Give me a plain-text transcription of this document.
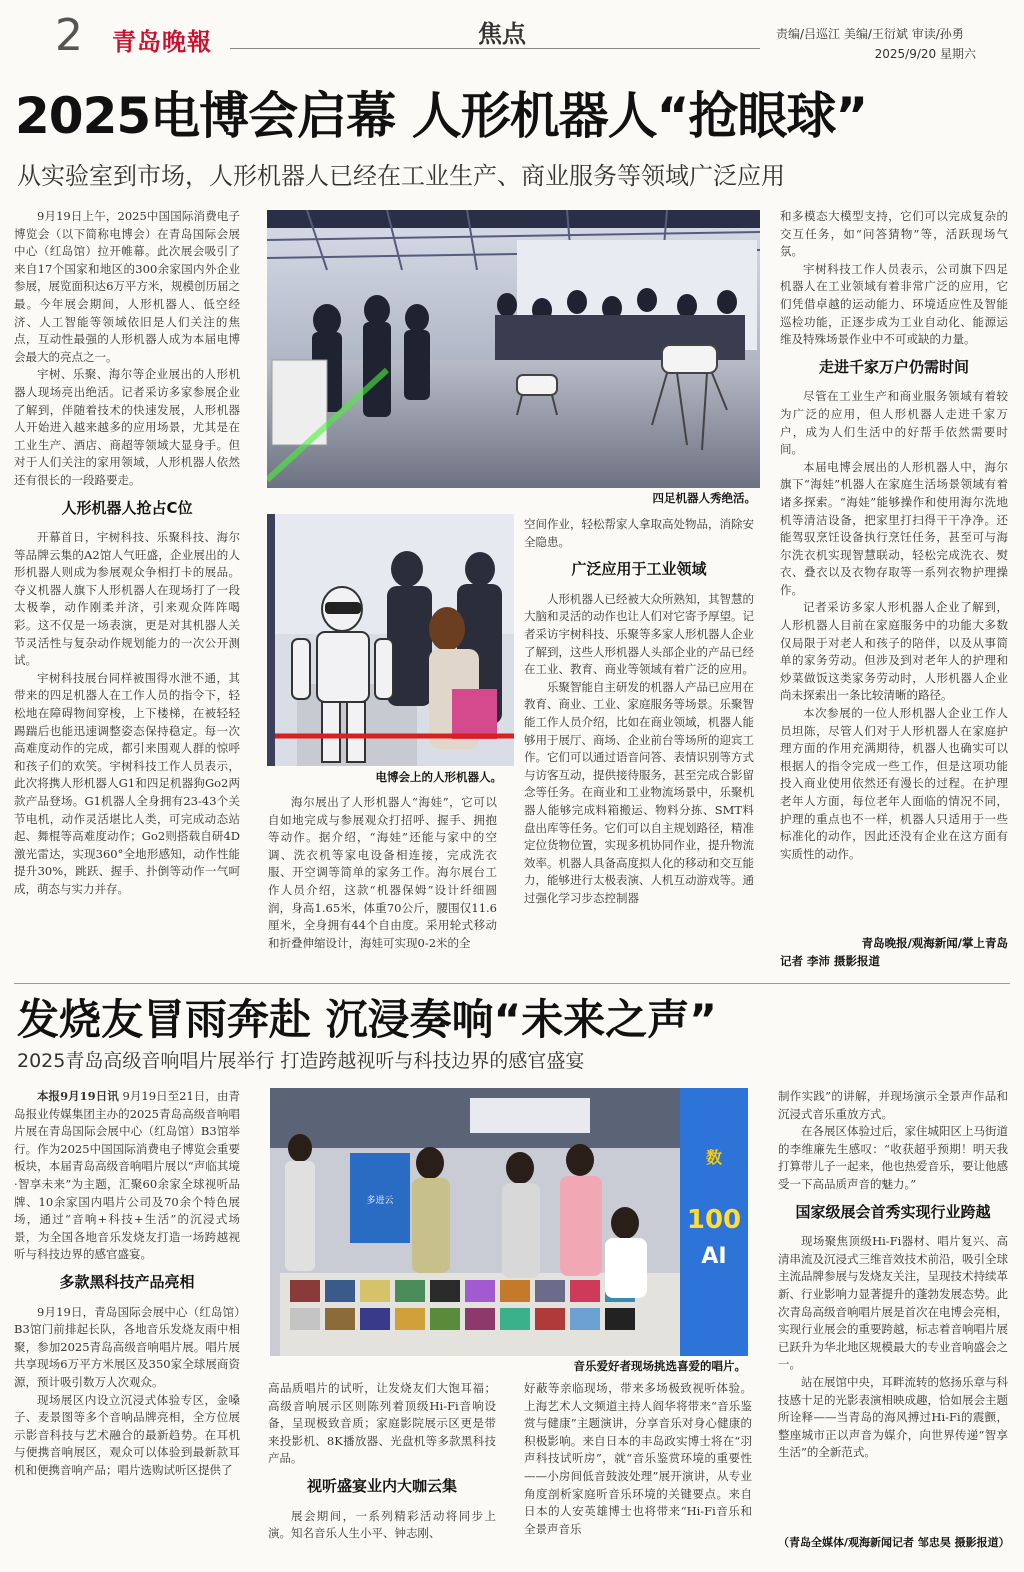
2 青岛晚報	焦点	责编/吕巡江 美编/王衍斌 审读/孙勇
2025/9/20 星期六
2025电博会启幕 人形机器人“抢眼球”
从实验室到市场，人形机器人已经在工业生产、商业服务等领域广泛应用

9月19日上午，2025中国国际消费电子博览会（以下简称电博会）在青岛国际会展中心（红岛馆）拉开帷幕。此次展会吸引了来自17个国家和地区的300余家国内外企业参展，展览面积达6万平方米，规模创历届之最。今年展会期间，人形机器人、低空经济、人工智能等领域依旧是人们关注的焦点，互动性最强的人形机器人成为本届电博会最大的亮点之一。

宇树、乐聚、海尔等企业展出的人形机器人现场亮出绝活。记者采访多家参展企业了解到，伴随着技术的快速发展，人形机器人开始进入越来越多的应用场景，尤其是在工业生产、酒店、商超等领域大显身手。但对于人们关注的家用领域，人形机器人依然还有很长的一段路要走。

人形机器人抢占C位

开幕首日，宇树科技、乐聚科技、海尔等品牌云集的A2馆人气旺盛，企业展出的人形机器人则成为参展观众争相打卡的展品。夺义机器人旗下人形机器人在现场打了一段太极拳，动作刚柔并济，引来观众阵阵喝彩。这不仅是一场表演，更是对其机器人关节灵活性与复杂动作规划能力的一次公开测试。

宇树科技展台同样被围得水泄不通，其带来的四足机器人在工作人员的指令下，轻松地在障碍物间穿梭，上下楼梯，在被轻轻踢踹后也能迅速调整姿态保持稳定。每一次高难度动作的完成，都引来围观人群的惊呼和孩子们的欢笑。宇树科技工作人员表示，此次将携人形机器人G1和四足机器狗Go2两款产品登场。G1机器人全身拥有23-43个关节电机，动作灵活堪比人类，可完成动态站起、舞棍等高难度动作；Go2则搭载自研4D激光雷达，实现360°全地形感知，动作性能提升30%，跳跃、握手、扑倒等动作一气呵成，萌态与实力并存。

四足机器人秀绝活。
电博会上的人形机器人。

海尔展出了人形机器人“海娃”，它可以自如地完成与参展观众打招呼、握手、拥抱等动作。据介绍，“海娃”还能与家中的空调、洗衣机等家电设备相连接，完成洗衣服、开空调等简单的家务工作。海尔展台工作人员介绍，这款“机器保姆”设计纤细圆润，身高1.65米，体重70公斤，腰围仅11.6厘米，全身拥有44个自由度。采用轮式移动和折叠伸缩设计，海娃可实现0-2米的全

空间作业，轻松帮家人拿取高处物品，消除安全隐患。

广泛应用于工业领域

人形机器人已经被大众所熟知，其智慧的大脑和灵活的动作也让人们对它寄予厚望。记者采访宇树科技、乐聚等多家人形机器人企业了解到，这些人形机器人头部企业的产品已经在工业、教育、商业等领域有着广泛的应用。

乐聚智能自主研发的机器人产品已应用在教育、商业、工业、家庭服务等场景。乐聚智能工作人员介绍，比如在商业领域，机器人能够用于展厅、商场、企业前台等场所的迎宾工作。它们可以通过语音问答、表情识别等方式与访客互动，提供接待服务，甚至完成合影留念等任务。在商业和工业物流场景中，乐聚机器人能够完成料箱搬运、物料分拣、SMT料盘出库等任务。它们可以自主规划路径，精准定位货物位置，实现多机协同作业，提升物流效率。机器人具备高度拟人化的移动和交互能力，能够进行太极表演、人机互动游戏等。通过强化学习步态控制器

和多模态大模型支持，它们可以完成复杂的交互任务，如“问答猜物”等，活跃现场气氛。

宇树科技工作人员表示，公司旗下四足机器人在工业领域有着非常广泛的应用，它们凭借卓越的运动能力、环境适应性及智能巡检功能，正逐步成为工业自动化、能源运维及特殊场景作业中不可或缺的力量。

走进千家万户仍需时间

尽管在工业生产和商业服务领域有着较为广泛的应用，但人形机器人走进千家万户，成为人们生活中的好帮手依然需要时间。

本届电博会展出的人形机器人中，海尔旗下“海娃”机器人在家庭生活场景领域有着诸多探索。“海娃”能够操作和使用海尔洗地机等清洁设备，把家里打扫得干干净净。还能驾驭烹饪设备执行烹饪任务，甚至可与海尔洗衣机实现智慧联动，轻松完成洗衣、熨衣、叠衣以及衣物存取等一系列衣物护理操作。

记者采访多家人形机器人企业了解到，人形机器人目前在家庭服务中的功能大多数仅局限于对老人和孩子的陪伴，以及从事简单的家务劳动。但涉及到对老年人的护理和炒菜做饭这类家务劳动时，人形机器人企业尚未探索出一条比较清晰的路径。

本次参展的一位人形机器人企业工作人员坦陈，尽管人们对于人形机器人在家庭护理方面的作用充满期待，机器人也确实可以根据人的指令完成一些工作，但是这项功能投入商业使用依然还有漫长的过程。在护理老年人方面，每位老年人面临的情况不同，护理的重点也不一样，机器人只适用于一些标准化的动作，因此还没有企业在这方面有实质性的动作。

青岛晚报/观海新闻/掌上青岛
记者 李沛 摄影报道
发烧友冒雨奔赴 沉浸奏响“未来之声”
2025青岛高级音响唱片展举行 打造跨越视听与科技边界的感官盛宴

本报9月19日讯 9月19日至21日，由青岛报业传媒集团主办的2025青岛高级音响唱片展在青岛国际会展中心（红岛馆）B3馆举行。作为2025中国国际消费电子博览会重要板块，本届青岛高级音响唱片展以“声临其境·智享未来”为主题，汇聚60余家全球视听品牌、10余家国内唱片公司及70余个特色展场，通过“音响+科技+生活”的沉浸式场景，为全国各地音乐发烧友打造一场跨越视听与科技边界的感官盛宴。

多款黑科技产品亮相

9月19日，青岛国际会展中心（红岛馆）B3馆门前排起长队，各地音乐发烧友雨中相聚，参加2025青岛高级音响唱片展。唱片展共享现场6万平方米展区及350家全球展商资源，预计吸引数万人次观众。

现场展区内设立沉浸式体验专区，金嗓子、麦景图等多个音响品牌亮相，全方位展示影音科技与艺术融合的最新趋势。在耳机与便携音响展区，观众可以体验到最新款耳机和便携音响产品；唱片选购试听区提供了

多进云
数
100
AI
音乐爱好者现场挑选喜爱的唱片。

高品质唱片的试听，让发烧友们大饱耳福；高级音响展示区则陈列着顶级Hi-Fi音响设备，呈现极致音质；家庭影院展示区更是带来投影机、8K播放器、光盘机等多款黑科技产品。

视听盛宴业内大咖云集

展会期间，一系列精彩活动将同步上演。知名音乐人生小平、钟志刚、

好蔽等亲临现场，带来多场极致视听体验。上海艺术人文频道主持人阎华将带来“音乐鉴赏与健康”主题演讲，分享音乐对身心健康的积极影响。来自日本的丰岛政实博士将在“羽声科技试听房”，就“音乐鉴赏环境的重要性——小房间低音鼓波处理”展开演讲，从专业角度剖析家庭听音乐环境的关键要点。来自日本的人安英雄博士也将带来“Hi-Fi音乐和全景声音乐

制作实践”的讲解，并现场演示全景声作品和沉浸式音乐重放方式。

在各展区体验过后，家住城阳区上马街道的李维廉先生感叹：“收获超乎预期！明天我打算带儿子一起来，他也热爱音乐，要让他感受一下高品质声音的魅力。”

国家级展会首秀实现行业跨越

现场聚焦顶级Hi-Fi器材、唱片复兴、高清串流及沉浸式三维音效技术前沿，吸引全球主流品牌参展与发烧友关注，呈现技术持续革新、行业影响力显著提升的蓬勃发展态势。此次青岛高级音响唱片展是首次在电博会亮相，实现行业展会的重要跨越，标志着音响唱片展已跃升为华北地区规模最大的专业音响盛会之一。

站在展馆中央，耳畔流转的悠扬乐章与科技感十足的光影表演相映成趣，恰如展会主题所诠释——当青岛的海风搏过Hi-Fi的震颤，整座城市正以声音为媒介，向世界传递“智享生活”的全新范式。

（青岛全媒体/观海新闻记者 邹忠昊 摄影报道）
